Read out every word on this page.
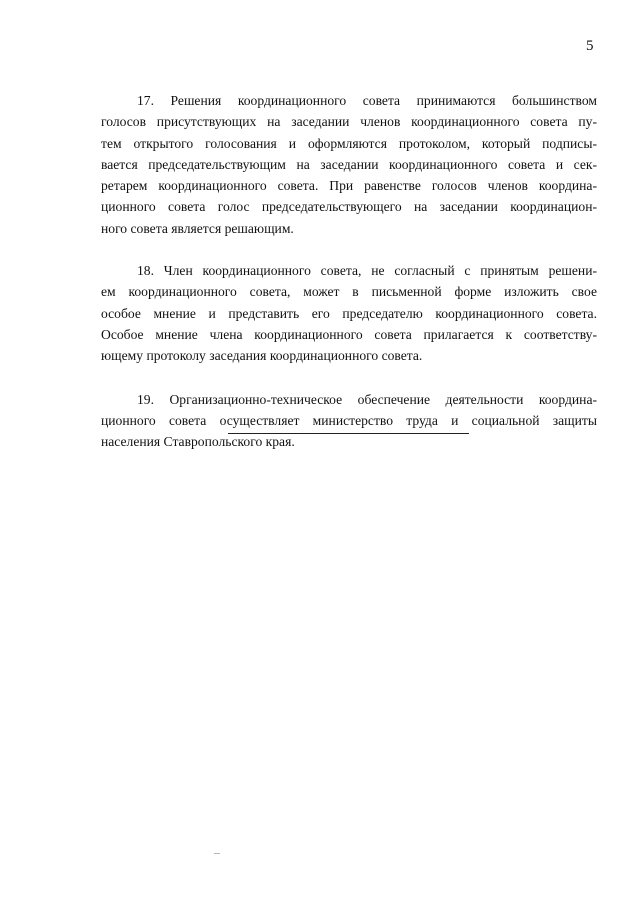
5

17. Решения координационного совета принимаются большинством
голосов присутствующих на заседании членов координационного совета пу-
тем открытого голосования и оформляются протоколом, который подписы-
вается председательствующим на заседании координационного совета и сек-
ретарем координационного совета. При равенстве голосов членов координа-
ционного совета голос председательствующего на заседании координацион-
ного совета является решающим.

18. Член координационного совета, не согласный с принятым решени-
ем координационного совета, может в письменной форме изложить свое
особое мнение и представить его председателю координационного совета.
Особое мнение члена координационного совета прилагается к соответству-
ющему протоколу заседания координационного совета.

19. Организационно-техническое обеспечение деятельности координа-
ционного совета осуществляет министерство труда и социальной защиты
населения Ставропольского края.
